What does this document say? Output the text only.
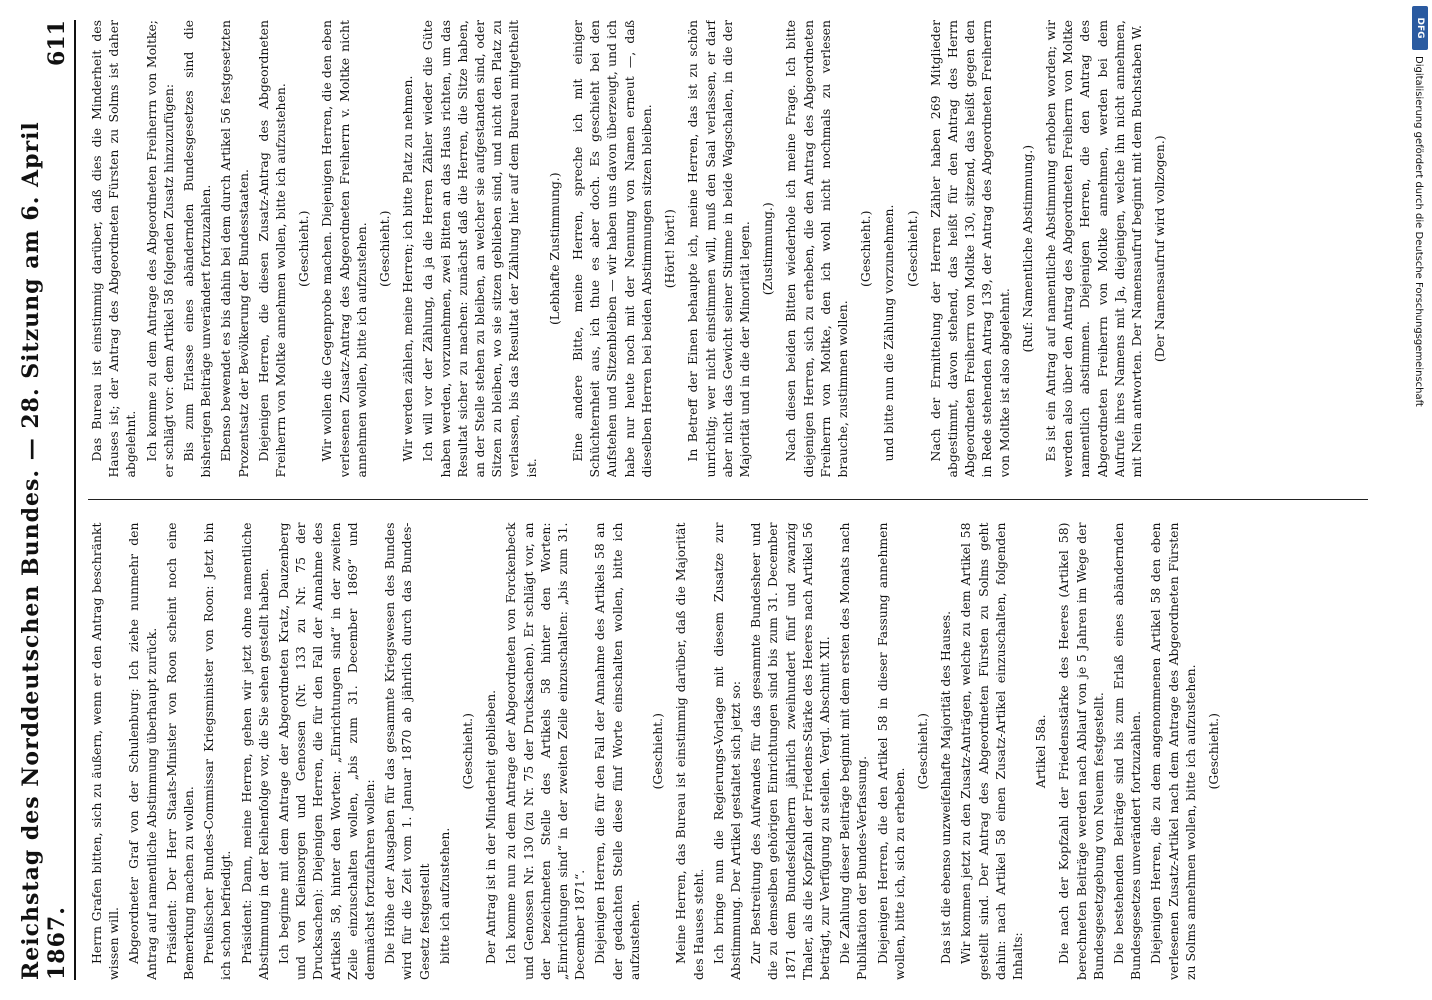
Reichstag des Norddeutschen Bundes. — 28. Sitzung am 6. April 1867.
611

Herrn Grafen bitten, sich zu äußern, wenn er den Antrag beschränkt wissen will. Abgeordneter Graf von der Schulenburg: Ich ziehe nunmehr den Antrag auf namentliche Abstimmung überhaupt zurück. Präsident: Der Herr Staats-Minister von Roon scheint noch eine Bemerkung machen zu wollen. Preußischer Bundes-Commissar Kriegsminister von Roon: Jetzt bin ich schon befriedigt. Präsident: Dann, meine Herren, gehen wir jetzt ohne namentliche Abstimmung in der Reihenfolge vor, die Sie sehen gestellt haben. Ich beginne mit dem Antrage der Abgeordneten Kratz, Dauzenberg und von Kleinsorgen und Genossen (Nr. 133 zu Nr. 75 der Drucksachen): Diejenigen Herren, die für den Fall der Annahme des Artikels 58, hinter den Worten: „Einrichtungen sind“ in der zweiten Zeile einzuschalten wollen, „bis zum 31. December 1869“ und demnächst fortzufahren wollen: Die Höhe der Ausgaben für das gesammte Kriegswesen des Bundes wird für die Zeit vom 1. Januar 1870 ab jährlich durch das Bundes-Gesetz festgestellt bitte ich aufzustehen.

(Geschieht.) Der Antrag ist in der Minderheit geblieben. Ich komme nun zu dem Antrage der Abgeordneten von Forckenbeck und Genossen Nr. 130 (zu Nr. 75 der Drucksachen). Er schlägt vor, an der bezeichneten Stelle des Artikels 58 hinter den Worten: „Einrichtungen sind“ in der zweiten Zeile einzuschalten: „bis zum 31. December 1871“. Diejenigen Herren, die für den Fall der Annahme des Artikels 58 an der gedachten Stelle diese fünf Worte einschalten wollen, bitte ich aufzustehen.

(Geschieht.) Meine Herren, das Bureau ist einstimmig darüber, daß die Majorität des Hauses steht. Ich bringe nun die Regierungs-Vorlage mit diesem Zusatze zur Abstimmung. Der Artikel gestaltet sich jetzt so: Zur Bestreitung des Aufwandes für das gesammte Bundesheer und die zu demselben gehörigen Einrichtungen sind bis zum 31. December 1871 dem Bundesfeldherrn jährlich zweihundert fünf und zwanzig Thaler, als die Kopfzahl der Friedens-Stärke des Heeres nach Artikel 56 beträgt, zur Verfügung zu stellen. Vergl. Abschnitt XII. Die Zahlung dieser Beiträge beginnt mit dem ersten des Monats nach Publikation der Bundes-Verfassung. Diejenigen Herren, die den Artikel 58 in dieser Fassung annehmen wollen, bitte ich, sich zu erheben.

(Geschieht.) Das ist die ebenso unzweifelhafte Majorität des Hauses. Wir kommen jetzt zu den Zusatz-Anträgen, welche zu dem Artikel 58 gestellt sind. Der Antrag des Abgeordneten Fürsten zu Solms geht dahin: nach Artikel 58 einen Zusatz-Artikel einzuschalten, folgenden Inhalts:

Artikel 58a. Die nach der Kopfzahl der Friedensstärke des Heeres (Artikel 58) berechneten Beiträge werden nach Ablauf von je 5 Jahren im Wege der Bundesgesetzgebung von Neuem festgestellt. Die bestehenden Beiträge sind bis zum Erlaß eines abändernden Bundesgesetzes unverändert fortzuzahlen. Diejenigen Herren, die zu dem angenommenen Artikel 58 den eben verlesenen Zusatz-Artikel nach dem Antrage des Abgeordneten Fürsten zu Solms annehmen wollen, bitte ich aufzustehen. (Geschieht.)

Das Bureau ist einstimmig darüber, daß dies die Minderheit des Hauses ist; der Antrag des Abgeordneten Fürsten zu Solms ist daher abgelehnt. Ich komme zu dem Antrage des Abgeordneten Freiherrn von Moltke; er schlägt vor: dem Artikel 58 folgenden Zusatz hinzuzufügen: Bis zum Erlasse eines abändernden Bundesgesetzes sind die bisherigen Beiträge unverändert fortzuzahlen. Ebenso bewendet es bis dahin bei dem durch Artikel 56 festgesetzten Prozentsatz der Bevölkerung der Bundesstaaten. Diejenigen Herren, die diesen Zusatz-Antrag des Abgeordneten Freiherrn von Moltke annehmen wollen, bitte ich aufzustehen. (Geschieht.) Wir wollen die Gegenprobe machen. Diejenigen Herren, die den eben verlesenen Zusatz-Antrag des Abgeordneten Freiherrn v. Moltke nicht annehmen wollen, bitte ich aufzustehen. (Geschieht.) Wir werden zählen, meine Herren; ich bitte Platz zu nehmen. Ich will vor der Zählung, da ja die Herren Zähler wieder die Güte haben werden, vorzunehmen, zwei Bitten an das Haus richten, um das Resultat sicher zu machen: zunächst daß die Herren, die Sitze haben, an der Stelle stehen zu bleiben, an welcher sie aufgestanden sind, oder Sitzen zu bleiben, wo sie sitzen geblieben sind, und nicht den Platz zu verlassen, bis das Resultat der Zählung hier auf dem Bureau mitgetheilt ist.

(Lebhafte Zustimmung.) Eine andere Bitte, meine Herren, spreche ich mit einiger Schüchternheit aus, ich thue es aber doch. Es geschieht bei den Aufstehen und Sitzenbleiben — wir haben uns davon überzeugt, und ich habe nur heute noch mit der Nennung von Namen erneut —, daß dieselben Herren bei beiden Abstimmungen sitzen bleiben. (Hört! hört!) In Betreff der Einen behaupte ich, meine Herren, das ist zu schön unrichtig; wer nicht einstimmen will, muß den Saal verlassen, er darf aber nicht das Gewicht seiner Stimme in beide Wagschalen, in die der Majorität und in die der Minorität legen. (Zustimmung.) Nach diesen beiden Bitten wiederhole ich meine Frage. Ich bitte diejenigen Herren, sich zu erheben, die den Antrag des Abgeordneten Freiherrn von Moltke, den ich wohl nicht nochmals zu verlesen brauche, zustimmen wollen.

(Geschieht.) und bitte nun die Zählung vorzunehmen. (Geschieht.) Nach der Ermittelung der Herren Zähler haben 269 Mitglieder abgestimmt, davon stehend, das heißt für den Antrag des Herrn Abgeordneten Freiherrn von Moltke 130, sitzend, das heißt gegen den in Rede stehenden Antrag 139, der Antrag des Abgeordneten Freiherrn von Moltke ist also abgelehnt.

(Ruf: Namentliche Abstimmung.) Es ist ein Antrag auf namentliche Abstimmung erhoben worden; wir werden also über den Antrag des Abgeordneten Freiherrn von Moltke namentlich abstimmen. Diejenigen Herren, die den Antrag des Abgeordneten Freiherrn von Moltke annehmen, werden bei dem Aufrufe ihres Namens mit Ja, diejenigen, welche ihn nicht annehmen, mit Nein antworten. Der Namensaufruf beginnt mit dem Buchstaben W. (Der Namensaufruf wird vollzogen.)

DFG
Digitalisierung gefördert durch die Deutsche Forschungsgemeinschaft
